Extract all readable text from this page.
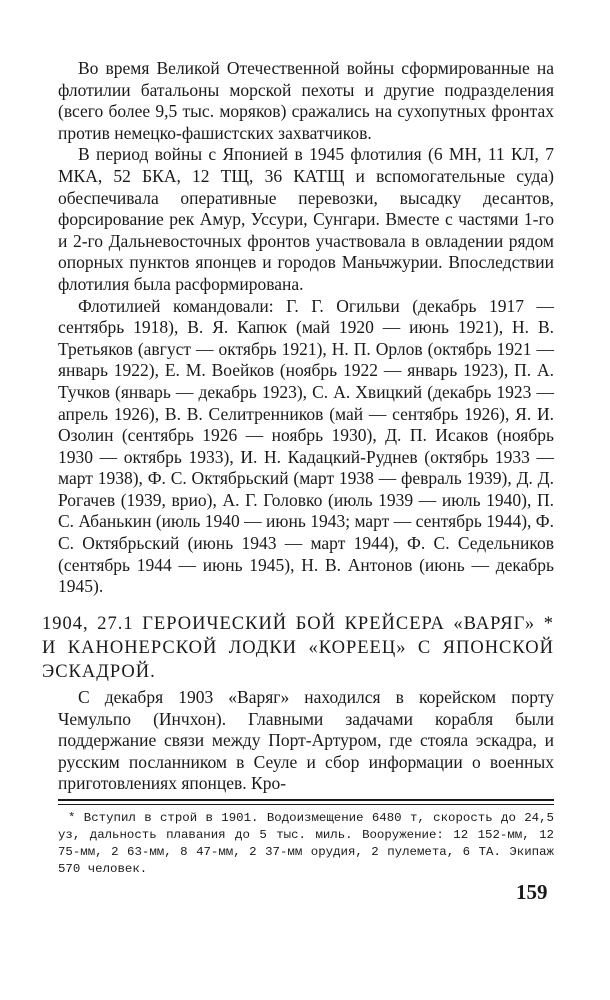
Во время Великой Отечественной войны сформированные на флотилии батальоны морской пехоты и другие подразделения (всего более 9,5 тыс. моряков) сражались на сухопутных фронтах против немецко-фашистских захватчиков.

В период войны с Японией в 1945 флотилия (6 МН, 11 КЛ, 7 МКА, 52 БКА, 12 ТЩ, 36 КАТЩ и вспомогательные суда) обеспечивала оперативные перевозки, высадку десантов, форсирование рек Амур, Уссури, Сунгари. Вместе с частями 1-го и 2-го Дальневосточных фронтов участвовала в овладении рядом опорных пунктов японцев и городов Маньчжурии. Впоследствии флотилия была расформирована.

Флотилией командовали: Г. Г. Огильви (декабрь 1917 — сентябрь 1918), В. Я. Капюк (май 1920 — июнь 1921), Н. В. Третьяков (август — октябрь 1921), Н. П. Орлов (октябрь 1921 — январь 1922), Е. М. Воейков (ноябрь 1922 — январь 1923), П. А. Тучков (январь — декабрь 1923), С. А. Хвицкий (декабрь 1923 — апрель 1926), В. В. Селитренников (май — сентябрь 1926), Я. И. Озолин (сентябрь 1926 — ноябрь 1930), Д. П. Исаков (ноябрь 1930 — октябрь 1933), И. Н. Кадацкий-Руднев (октябрь 1933 — март 1938), Ф. С. Октябрьский (март 1938 — февраль 1939), Д. Д. Рогачев (1939, врио), А. Г. Головко (июль 1939 — июль 1940), П. С. Абанькин (июль 1940 — июнь 1943; март — сентябрь 1944), Ф. С. Октябрьский (июнь 1943 — март 1944), Ф. С. Седельников (сентябрь 1944 — июнь 1945), Н. В. Антонов (июнь — декабрь 1945).

1904, 27.1 ГЕРОИЧЕСКИЙ БОЙ КРЕЙСЕРА «ВАРЯГ» * И КАНОНЕРСКОЙ ЛОДКИ «КОРЕЕЦ» С ЯПОНСКОЙ ЭСКАДРОЙ.

С декабря 1903 «Варяг» находился в корейском порту Чемульпо (Инчхон). Главными задачами корабля были поддержание связи между Порт-Артуром, где стояла эскадра, и русским посланником в Сеуле и сбор информации о военных приготовлениях японцев. Кро-

* Вступил в строй в 1901. Водоизмещение 6480 т, скорость до 24,5 уз, дальность плавания до 5 тыс. миль. Вооружение: 12 152-мм, 12 75-мм, 2 63-мм, 8 47-мм, 2 37-мм орудия, 2 пулемета, 6 ТА. Экипаж 570 человек.

159
